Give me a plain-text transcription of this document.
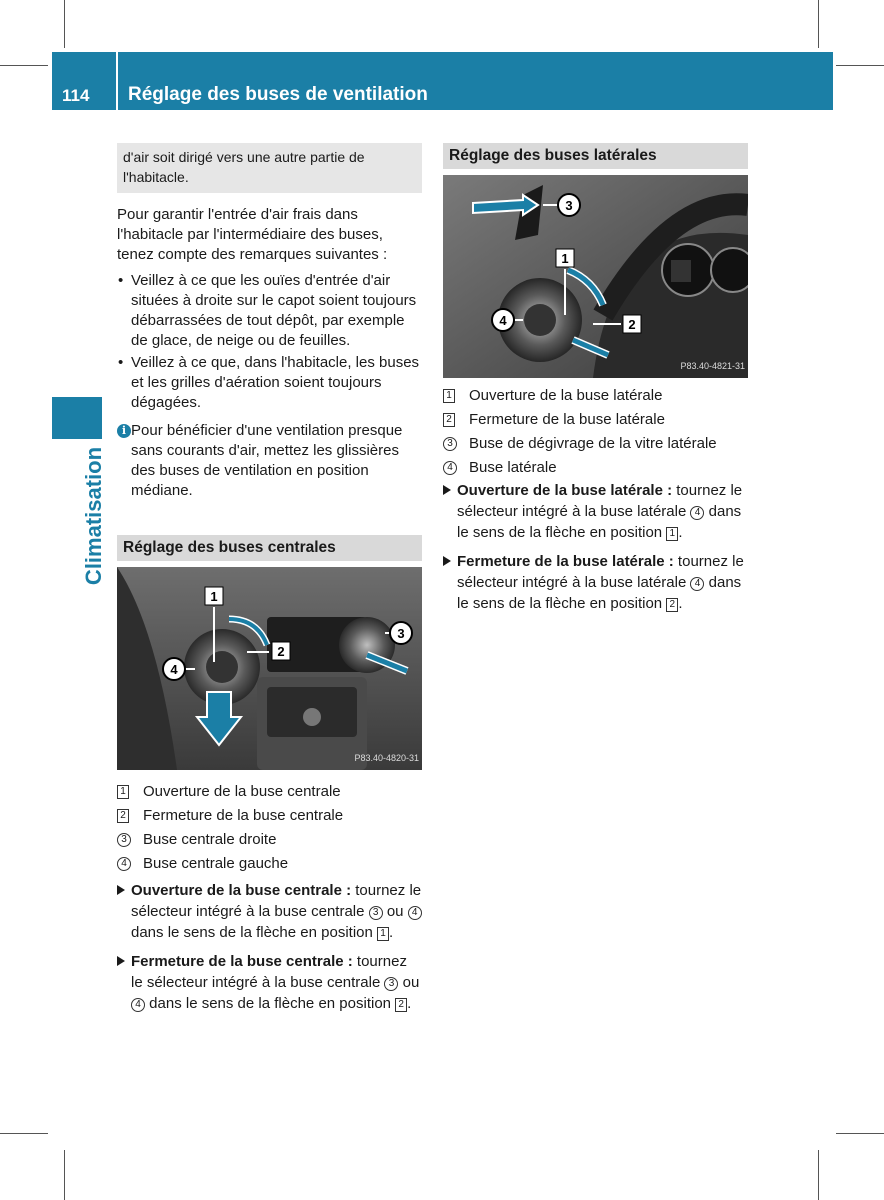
114 Réglage des buses de ventilation
Climatisation
d'air soit dirigé vers une autre partie de l'habitacle.
Pour garantir l'entrée d'air frais dans l'habitacle par l'intermédiaire des buses, tenez compte des remarques suivantes :
• Veillez à ce que les ouïes d'entrée d'air situées à droite sur le capot soient toujours débarrassées de tout dépôt, par exemple de glace, de neige ou de feuilles.
• Veillez à ce que, dans l'habitacle, les buses et les grilles d'aération soient toujours dégagées.
i Pour bénéficier d'une ventilation presque sans courants d'air, mettez les glissières des buses de ventilation en position médiane.
Réglage des buses centrales
1
2
3
4
P83.40-4820-31
1 Ouverture de la buse centrale
2 Fermeture de la buse centrale
3 Buse centrale droite
4 Buse centrale gauche
Ouverture de la buse centrale : tournez le sélecteur intégré à la buse centrale 3 ou 4 dans le sens de la flèche en position 1 .
Fermeture de la buse centrale : tournez le sélecteur intégré à la buse centrale 3 ou 4 dans le sens de la flèche en position 2 .
Réglage des buses latérales
1
2
3
4
P83.40-4821-31
1 Ouverture de la buse latérale
2 Fermeture de la buse latérale
3 Buse de dégivrage de la vitre latérale
4 Buse latérale
Ouverture de la buse latérale : tournez le sélecteur intégré à la buse latérale 4 dans le sens de la flèche en position 1 .
Fermeture de la buse latérale : tournez le sélecteur intégré à la buse latérale 4 dans le sens de la flèche en position 2 .
